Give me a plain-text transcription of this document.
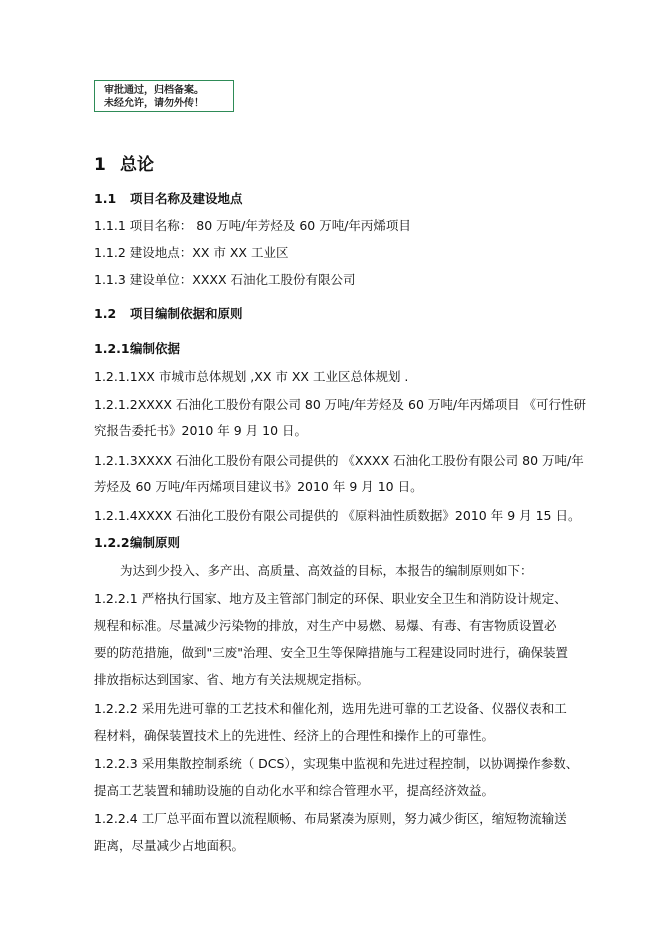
审批通过，归档备案。
未经允许，请勿外传！
1 总论
1.1 项目名称及建设地点
1.1.1 项目名称： 80 万吨/年芳烃及 60 万吨/年丙烯项目
1.1.2 建设地点：XX 市 XX 工业区
1.1.3 建设单位：XXXX 石油化工股份有限公司
1.2 项目编制依据和原则
1.2.1编制依据
1.2.1.1XX 市城市总体规划 ,XX 市 XX 工业区总体规划 .
1.2.1.2XXXX 石油化工股份有限公司 80 万吨/年芳烃及 60 万吨/年丙烯项目 《可行性研
究报告委托书》2010 年 9 月 10 日。
1.2.1.3XXXX 石油化工股份有限公司提供的 《XXXX 石油化工股份有限公司 80 万吨/年
芳烃及 60 万吨/年丙烯项目建议书》2010 年 9 月 10 日。
1.2.1.4XXXX 石油化工股份有限公司提供的 《原料油性质数据》2010 年 9 月 15 日。
1.2.2编制原则
为达到少投入、多产出、高质量、高效益的目标，本报告的编制原则如下：
1.2.2.1 严格执行国家、地方及主管部门制定的环保、职业安全卫生和消防设计规定、
规程和标准。尽量减少污染物的排放，对生产中易燃、易爆、有毒、有害物质设置必
要的防范措施，做到"三废"治理、安全卫生等保障措施与工程建设同时进行，确保装置
排放指标达到国家、省、地方有关法规规定指标。
1.2.2.2 采用先进可靠的工艺技术和催化剂，选用先进可靠的工艺设备、仪器仪表和工
程材料，确保装置技术上的先进性、经济上的合理性和操作上的可靠性。
1.2.2.3 采用集散控制系统（ DCS），实现集中监视和先进过程控制，以协调操作参数、
提高工艺装置和辅助设施的自动化水平和综合管理水平，提高经济效益。
1.2.2.4 工厂总平面布置以流程顺畅、布局紧凑为原则，努力减少街区，缩短物流输送
距离，尽量减少占地面积。
